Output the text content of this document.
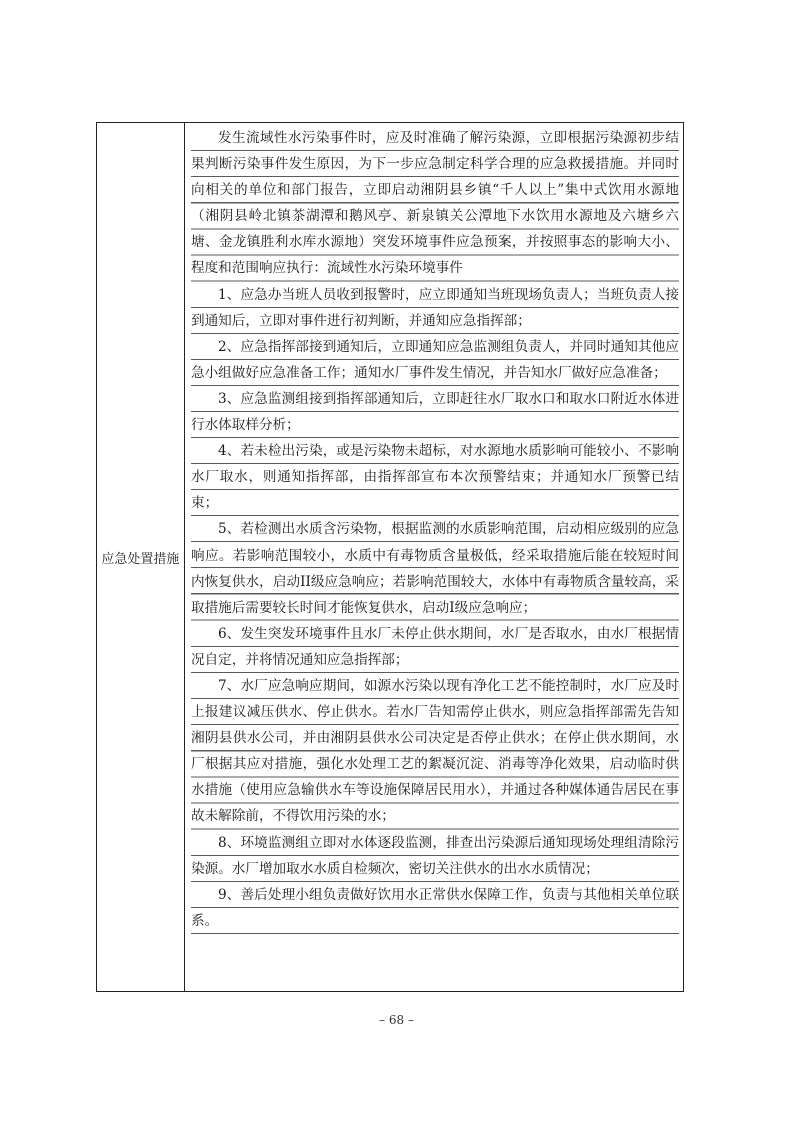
应急处置措施

发生流域性水污染事件时，应及时准确了解污染源，立即根据污染源初步结果判断污染事件发生原因，为下一步应急制定科学合理的应急救援措施。并同时向相关的单位和部门报告，立即启动湘阴县乡镇“千人以上”集中式饮用水源地（湘阴县岭北镇茶湖潭和鹅风亭、新泉镇关公潭地下水饮用水源地及六塘乡六塘、金龙镇胜利水库水源地）突发环境事件应急预案，并按照事态的影响大小、程度和范围响应执行：流域性水污染环境事件

1、应急办当班人员收到报警时，应立即通知当班现场负责人；当班负责人接到通知后，立即对事件进行初判断，并通知应急指挥部；

2、应急指挥部接到通知后，立即通知应急监测组负责人，并同时通知其他应急小组做好应急准备工作；通知水厂事件发生情况，并告知水厂做好应急准备；

3、应急监测组接到指挥部通知后，立即赶往水厂取水口和取水口附近水体进行水体取样分析；

4、若未检出污染，或是污染物未超标，对水源地水质影响可能较小、不影响水厂取水，则通知指挥部，由指挥部宣布本次预警结束；并通知水厂预警已结束；

5、若检测出水质含污染物，根据监测的水质影响范围，启动相应级别的应急响应。若影响范围较小，水质中有毒物质含量极低，经采取措施后能在较短时间内恢复供水，启动II级应急响应；若影响范围较大，水体中有毒物质含量较高，采取措施后需要较长时间才能恢复供水，启动I级应急响应；

6、发生突发环境事件且水厂未停止供水期间，水厂是否取水，由水厂根据情况自定，并将情况通知应急指挥部；

7、水厂应急响应期间，如源水污染以现有净化工艺不能控制时，水厂应及时上报建议减压供水、停止供水。若水厂告知需停止供水，则应急指挥部需先告知湘阴县供水公司，并由湘阴县供水公司决定是否停止供水；在停止供水期间，水厂根据其应对措施，强化水处理工艺的絮凝沉淀、消毒等净化效果，启动临时供水措施（使用应急输供水车等设施保障居民用水），并通过各种媒体通告居民在事故未解除前，不得饮用污染的水；

8、环境监测组立即对水体逐段监测，排查出污染源后通知现场处理组清除污染源。水厂增加取水水质自检频次，密切关注供水的出水水质情况；

9、善后处理小组负责做好饮用水正常供水保障工作，负责与其他相关单位联系。

– 68 –
